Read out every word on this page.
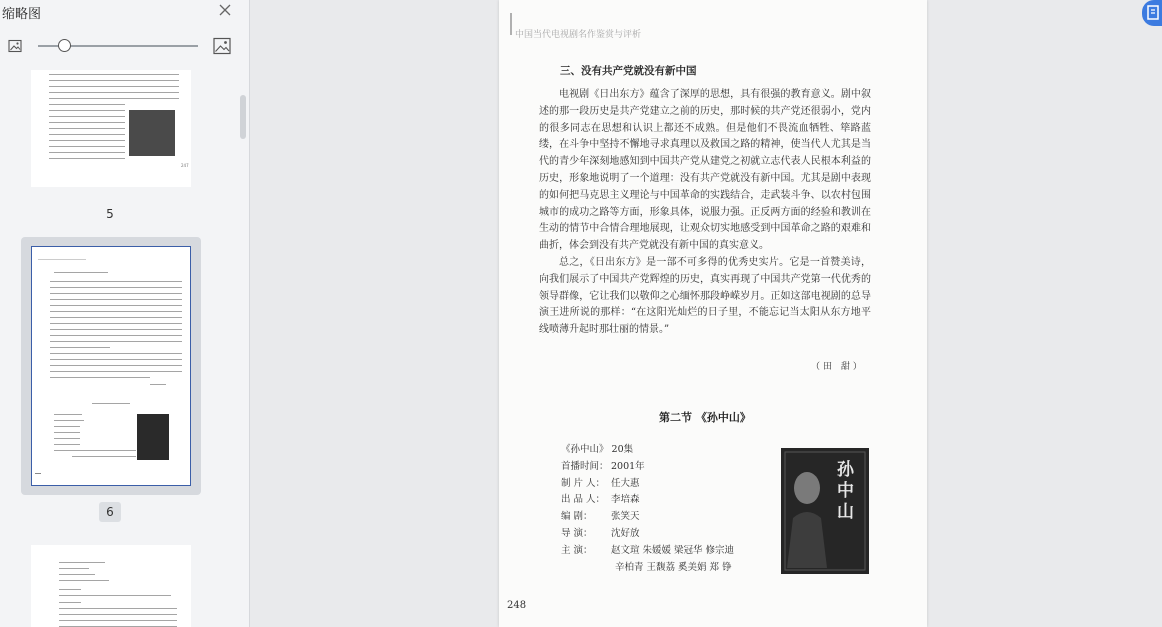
缩略图
247
5
6
中国当代电视剧名作鉴赏与评析
三、没有共产党就没有新中国

电视剧《日出东方》蕴含了深厚的思想，具有很强的教育意义。剧中叙述的那一段历史是共产党建立之前的历史，那时候的共产党还很弱小，党内的很多同志在思想和认识上都还不成熟。但是他们不畏流血牺牲、筚路蓝缕，在斗争中坚持不懈地寻求真理以及救国之路的精神，使当代人尤其是当代的青少年深刻地感知到中国共产党从建党之初就立志代表人民根本利益的历史，形象地说明了一个道理：没有共产党就没有新中国。尤其是剧中表现的如何把马克思主义理论与中国革命的实践结合，走武装斗争、以农村包围城市的成功之路等方面，形象具体，说服力强。正反两方面的经验和教训在生动的情节中合情合理地展现，让观众切实地感受到中国革命之路的艰难和曲折，体会到没有共产党就没有新中国的真实意义。

总之，《日出东方》是一部不可多得的优秀史实片。它是一首赞美诗，向我们展示了中国共产党辉煌的历史，真实再现了中国共产党第一代优秀的领导群像，它让我们以敬仰之心缅怀那段峥嵘岁月。正如这部电视剧的总导演王进所说的那样：“在这阳光灿烂的日子里，不能忘记当太阳从东方地平线喷薄升起时那壮丽的情景。”

（田 甜）
第二节 《孙中山》
《孙中山》 20集
首播时间： 2001年
制 片 人： 任大惠
出 品 人： 李培森
编 剧： 张笑天
导 演： 沈好放
主 演： 赵文瑄 朱媛媛 梁冠华 修宗迪
辛柏青 王馥荔 奚美娟 郑 铮
孙中山
248
